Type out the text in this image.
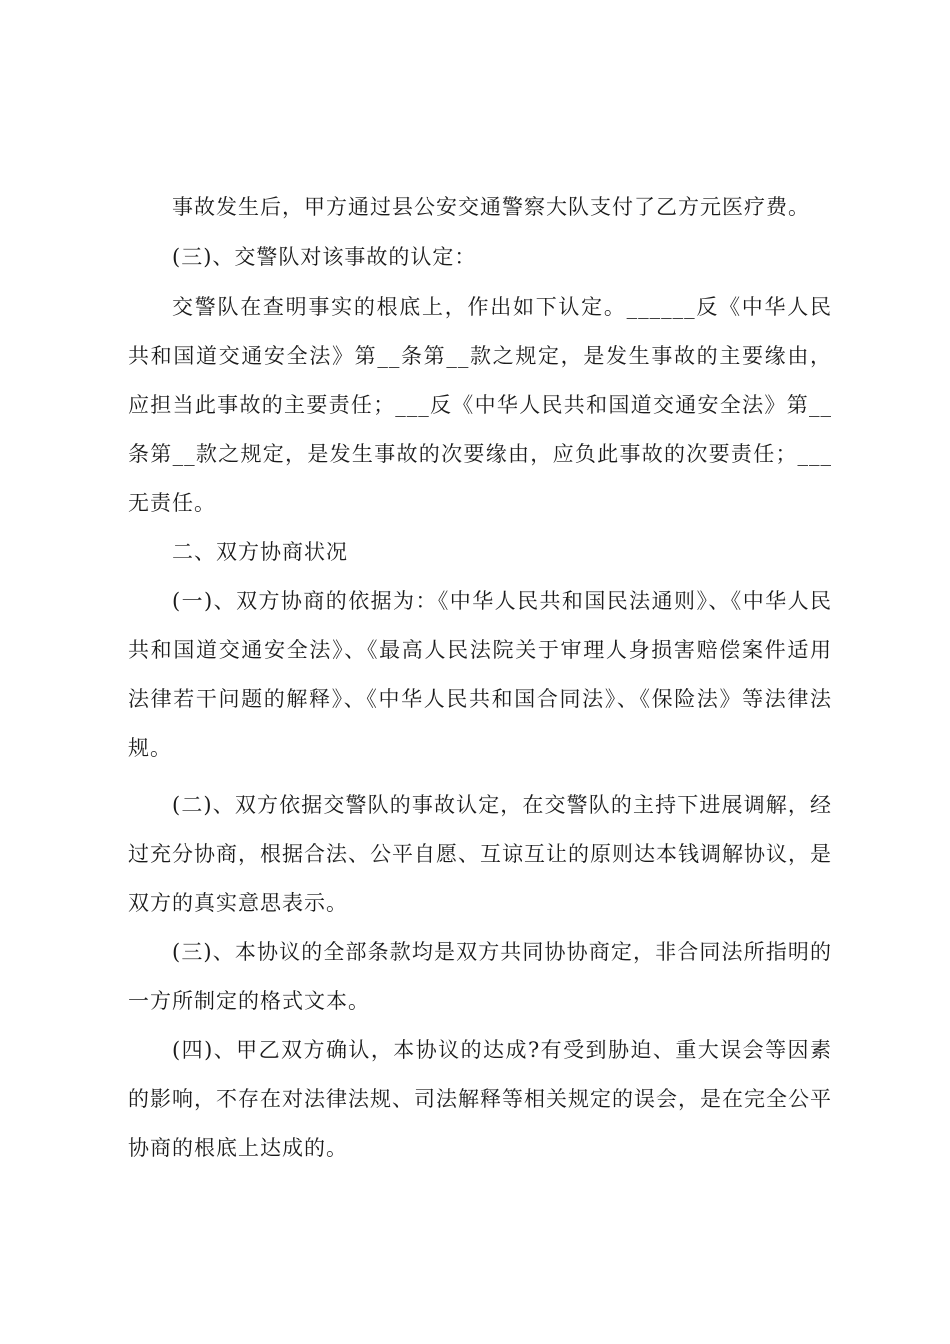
事故发生后，甲方通过县公安交通警察大队支付了乙方元医疗费。

(三)、交警队对该事故的认定：

交警队在查明事实的根底上，作出如下认定。______反《中华人民共和国道交通安全法》第__条第__款之规定，是发生事故的主要缘由，应担当此事故的主要责任；___反《中华人民共和国道交通安全法》第__条第__款之规定，是发生事故的次要缘由，应负此事故的次要责任；___无责任。

二、双方协商状况

(一)、双方协商的依据为：《中华人民共和国民法通则》、《中华人民共和国道交通安全法》、《最高人民法院关于审理人身损害赔偿案件适用法律若干问题的解释》、《中华人民共和国合同法》、《保险法》等法律法规。

(二)、双方依据交警队的事故认定，在交警队的主持下进展调解，经过充分协商，根据合法、公平自愿、互谅互让的原则达本钱调解协议，是双方的真实意思表示。

(三)、本协议的全部条款均是双方共同协协商定，非合同法所指明的一方所制定的格式文本。

(四)、甲乙双方确认，本协议的达成?有受到胁迫、重大误会等因素的影响，不存在对法律法规、司法解释等相关规定的误会，是在完全公平协商的根底上达成的。
